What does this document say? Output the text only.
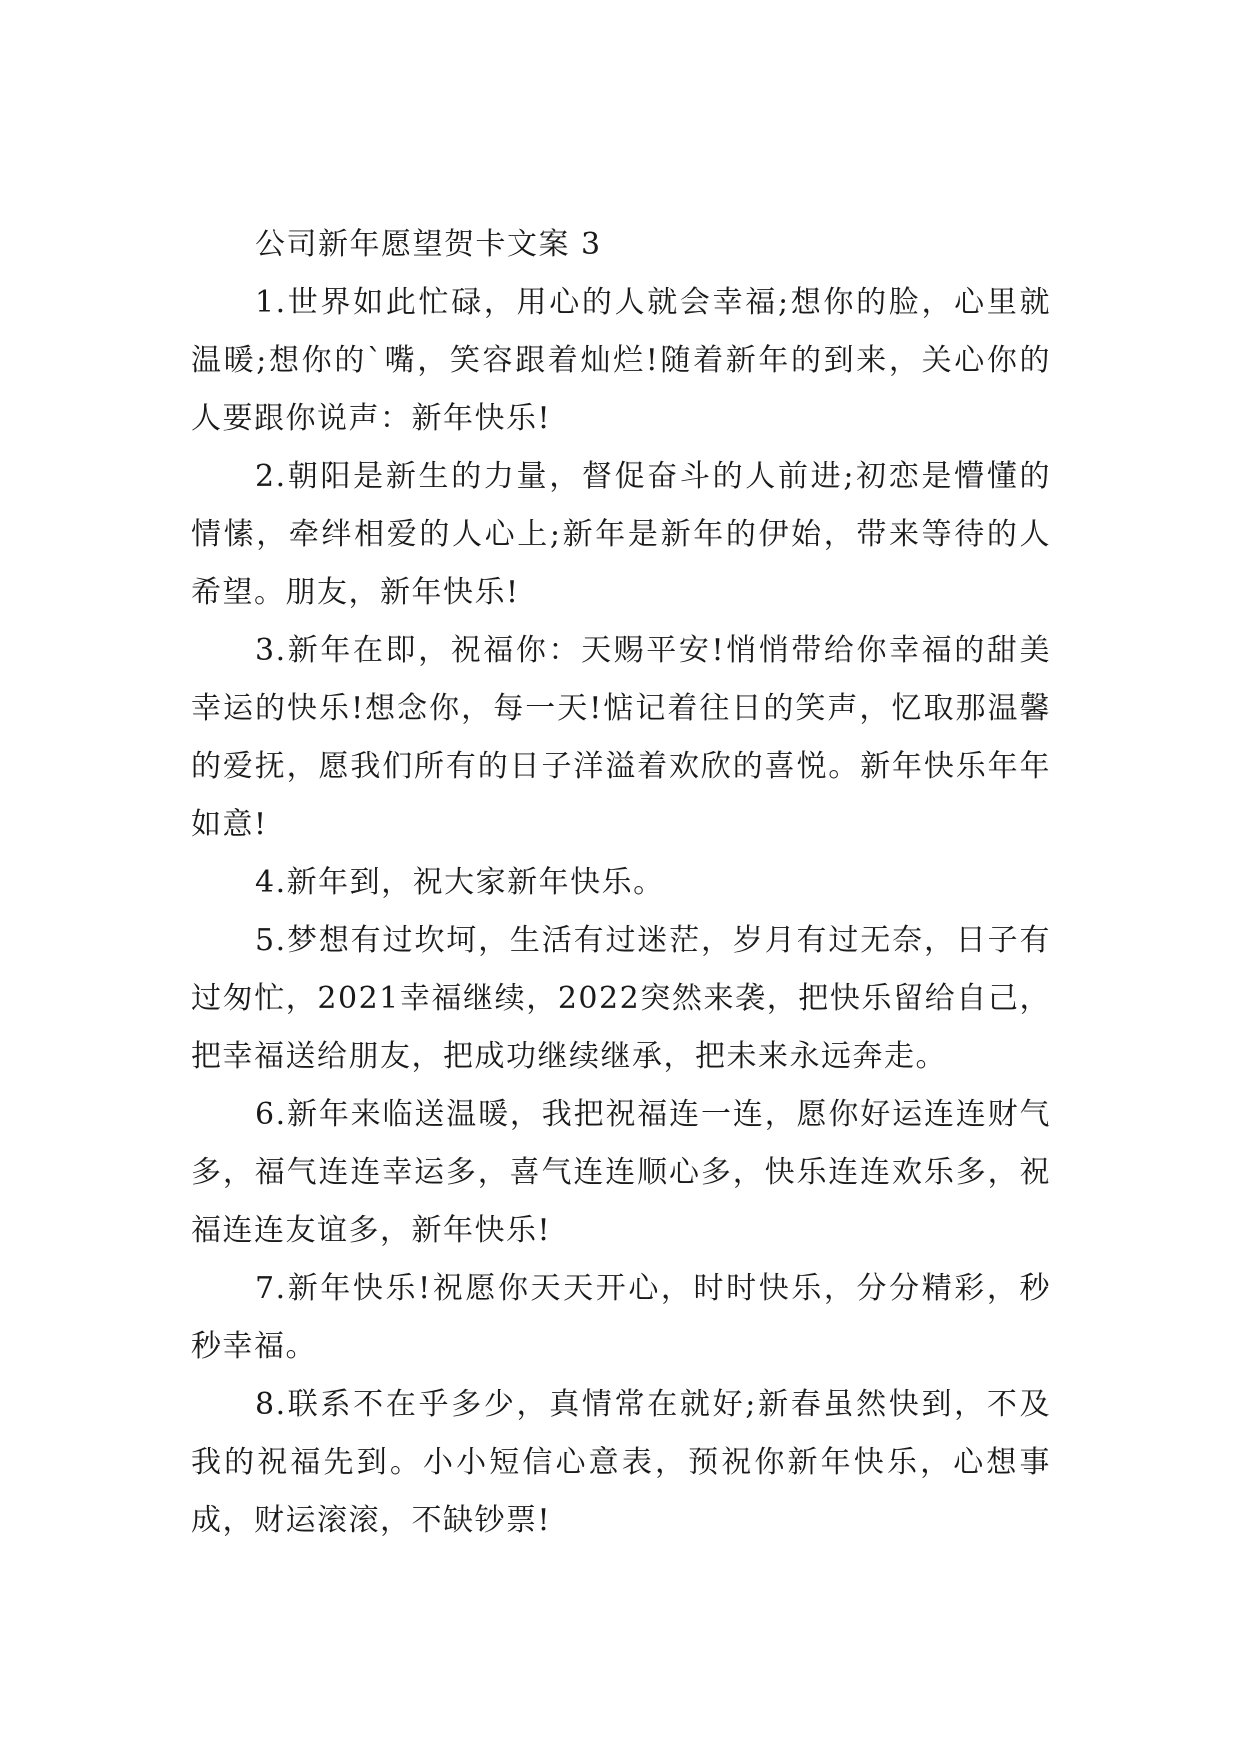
公司新年愿望贺卡文案 3

1.世界如此忙碌，用心的人就会幸福;想你的脸，心里就温暖;想你的`嘴，笑容跟着灿烂!随着新年的到来，关心你的人要跟你说声：新年快乐!

2.朝阳是新生的力量，督促奋斗的人前进;初恋是懵懂的情愫，牵绊相爱的人心上;新年是新年的伊始，带来等待的人希望。朋友，新年快乐!

3.新年在即，祝福你：天赐平安!悄悄带给你幸福的甜美幸运的快乐!想念你，每一天!惦记着往日的笑声，忆取那温馨的爱抚，愿我们所有的日子洋溢着欢欣的喜悦。新年快乐年年如意!

4.新年到，祝大家新年快乐。

5.梦想有过坎坷，生活有过迷茫，岁月有过无奈，日子有过匆忙，2021幸福继续，2022突然来袭，把快乐留给自己，把幸福送给朋友，把成功继续继承，把未来永远奔走。

6.新年来临送温暖，我把祝福连一连，愿你好运连连财气多，福气连连幸运多，喜气连连顺心多，快乐连连欢乐多，祝福连连友谊多，新年快乐!

7.新年快乐!祝愿你天天开心，时时快乐，分分精彩，秒秒幸福。

8.联系不在乎多少，真情常在就好;新春虽然快到，不及我的祝福先到。小小短信心意表，预祝你新年快乐，心想事成，财运滚滚，不缺钞票!
